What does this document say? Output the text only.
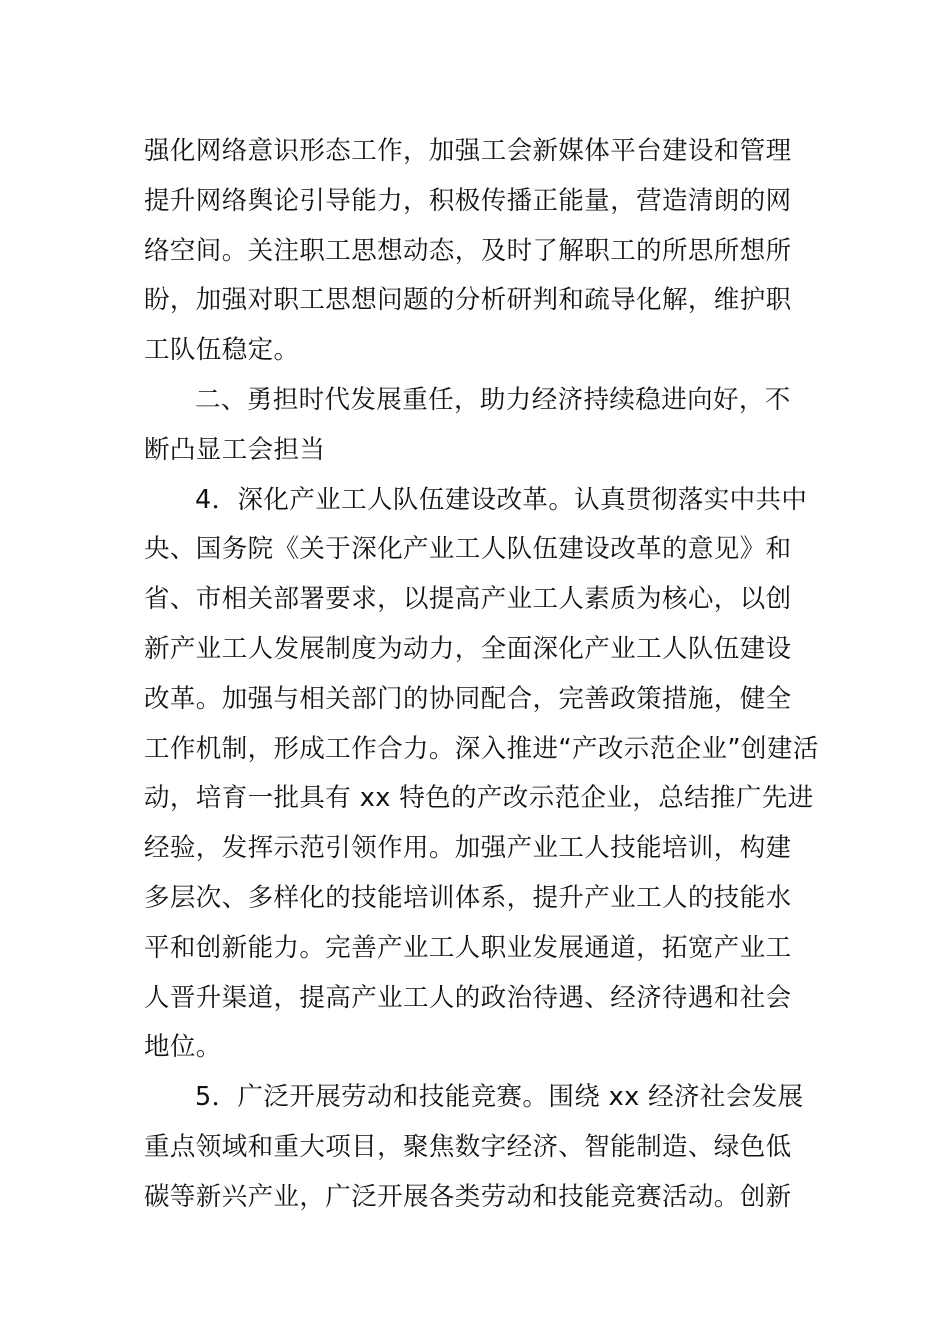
强化网络意识形态工作，加强工会新媒体平台建设和管理
提升网络舆论引导能力，积极传播正能量，营造清朗的网
络空间。关注职工思想动态，及时了解职工的所思所想所
盼，加强对职工思想问题的分析研判和疏导化解，维护职
工队伍稳定。
二、勇担时代发展重任，助力经济持续稳进向好，不
断凸显工会担当
4．深化产业工人队伍建设改革。认真贯彻落实中共中
央、国务院《关于深化产业工人队伍建设改革的意见》和
省、市相关部署要求，以提高产业工人素质为核心，以创
新产业工人发展制度为动力，全面深化产业工人队伍建设
改革。加强与相关部门的协同配合，完善政策措施，健全
工作机制，形成工作合力。深入推进“产改示范企业”创建活
动，培育一批具有 xx 特色的产改示范企业，总结推广先进
经验，发挥示范引领作用。加强产业工人技能培训，构建
多层次、多样化的技能培训体系，提升产业工人的技能水
平和创新能力。完善产业工人职业发展通道，拓宽产业工
人晋升渠道，提高产业工人的政治待遇、经济待遇和社会
地位。
5．广泛开展劳动和技能竞赛。围绕 xx 经济社会发展
重点领域和重大项目，聚焦数字经济、智能制造、绿色低
碳等新兴产业，广泛开展各类劳动和技能竞赛活动。创新
